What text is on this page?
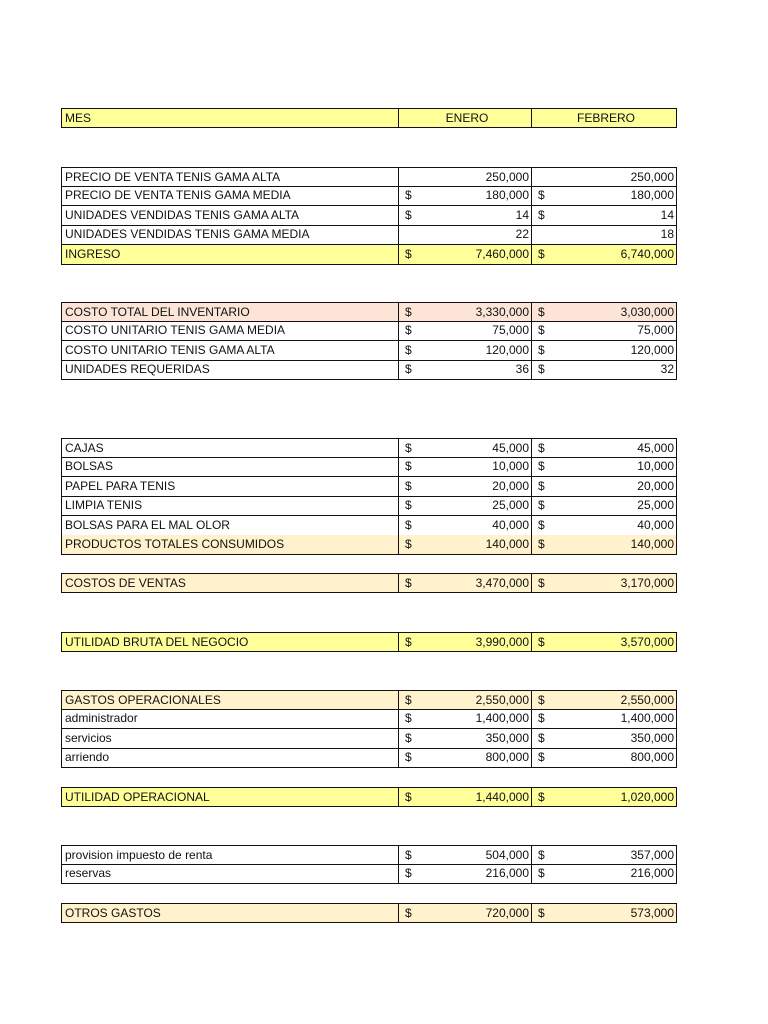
MES	ENERO	FEBRERO
PRECIO DE VENTA TENIS GAMA ALTA	250,000	250,000
PRECIO DE VENTA TENIS GAMA MEDIA	$	180,000 $	180,000
UNIDADES VENDIDAS TENIS GAMA ALTA	$	14 $	14
UNIDADES VENDIDAS TENIS GAMA MEDIA	22	18
INGRESO	$	7,460,000 $	6,740,000
COSTO TOTAL DEL INVENTARIO	$	3,330,000 $	3,030,000
COSTO UNITARIO TENIS GAMA MEDIA	$	75,000 $	75,000
COSTO UNITARIO TENIS GAMA ALTA	$	120,000 $	120,000
UNIDADES REQUERIDAS	$	36 $	32
CAJAS	$	45,000 $	45,000
BOLSAS	$	10,000 $	10,000
PAPEL PARA TENIS	$	20,000 $	20,000
LIMPIA TENIS	$	25,000 $	25,000
BOLSAS PARA EL MAL OLOR	$	40,000 $	40,000
PRODUCTOS TOTALES CONSUMIDOS	$	140,000 $	140,000
COSTOS DE VENTAS	$	3,470,000 $	3,170,000
UTILIDAD BRUTA DEL NEGOCIO	$	3,990,000 $	3,570,000
GASTOS OPERACIONALES	$	2,550,000 $	2,550,000
administrador	$	1,400,000 $	1,400,000
servicios	$	350,000 $	350,000
arriendo	$	800,000 $	800,000
UTILIDAD OPERACIONAL	$	1,440,000 $	1,020,000
provision impuesto de renta	$	504,000 $	357,000
reservas	$	216,000 $	216,000
OTROS GASTOS	$	720,000 $	573,000
